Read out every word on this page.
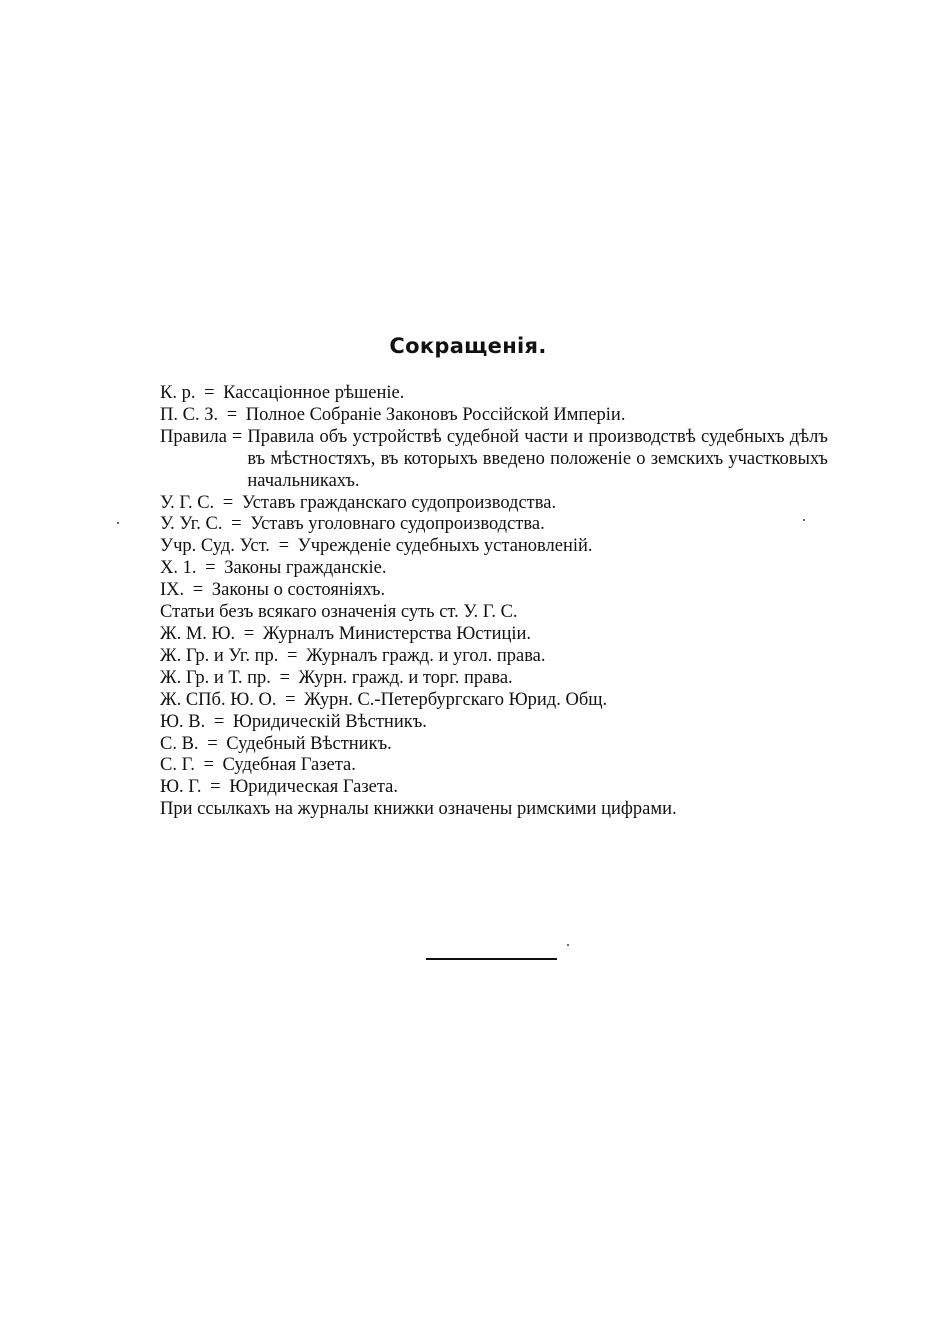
Сокращенія.
К. р. = Кассаціонное рѣшеніе.
П. С. З. = Полное Собраніе Законовъ Россійской Имперіи.
Правила = Правила объ устройствѣ судебной части и производствѣ судебныхъ дѣлъ въ мѣстностяхъ, въ которыхъ введено положеніе о земскихъ участковыхъ начальникахъ.
У. Г. С. = Уставъ гражданскаго судопроизводства.
У. Уг. С. = Уставъ уголовнаго судопроизводства.
Учр. Суд. Уст. = Учрежденіе судебныхъ установленій.
X. 1. = Законы гражданскіе.
IX. = Законы о состояніяхъ.
Статьи безъ всякаго означенія суть ст. У. Г. С.
Ж. М. Ю. = Журналъ Министерства Юстиціи.
Ж. Гр. и Уг. пр. = Журналъ гражд. и угол. права.
Ж. Гр. и Т. пр. = Журн. гражд. и торг. права.
Ж. СПб. Ю. О. = Журн. С.-Петербургскаго Юрид. Общ.
Ю. В. = Юридическій Вѣстникъ.
С. В. = Судебный Вѣстникъ.
С. Г. = Судебная Газета.
Ю. Г. = Юридическая Газета.
При ссылкахъ на журналы книжки означены римскими цифрами.
